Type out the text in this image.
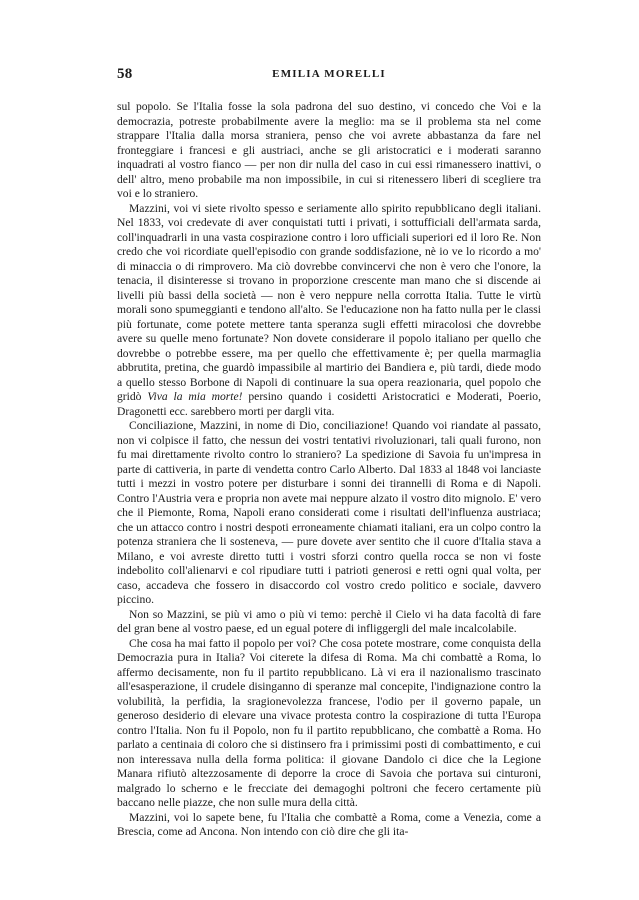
58	EMILIA MORELLI

sul popolo. Se l'Italia fosse la sola padrona del suo destino, vi concedo che Voi e la democrazia, potreste probabilmente avere la meglio: ma se il problema sta nel come strappare l'Italia dalla morsa straniera, penso che voi avrete abbastanza da fare nel fronteggiare i francesi e gli austriaci, anche se gli aristocratici e i moderati saranno inquadrati al vostro fianco — per non dir nulla del caso in cui essi rimanessero inattivi, o dell' altro, meno probabile ma non impossibile, in cui si ritenessero liberi di scegliere tra voi e lo straniero.

Mazzini, voi vi siete rivolto spesso e seriamente allo spirito repubblicano degli italiani. Nel 1833, voi credevate di aver conquistati tutti i privati, i sottufficiali dell'armata sarda, coll'inquadrarli in una vasta cospirazione contro i loro ufficiali superiori ed il loro Re. Non credo che voi ricordiate quell'episodio con grande soddisfazione, nè io ve lo ricordo a mo' di minaccia o di rimprovero. Ma ciò dovrebbe convincervi che non è vero che l'onore, la tenacia, il disinteresse si trovano in proporzione crescente man mano che si discende ai livelli più bassi della società — non è vero neppure nella corrotta Italia. Tutte le virtù morali sono spumeggianti e tendono all'alto. Se l'educazione non ha fatto nulla per le classi più fortunate, come potete mettere tanta speranza sugli effetti miracolosi che dovrebbe avere su quelle meno fortunate? Non dovete considerare il popolo italiano per quello che dovrebbe o potrebbe essere, ma per quello che effettivamente è; per quella marmaglia abbrutita, pretina, che guardò impassibile al martirio dei Bandiera e, più tardi, diede modo a quello stesso Borbone di Napoli di continuare la sua opera reazionaria, quel popolo che gridò Viva la mia morte! persino quando i cosidetti Aristocratici e Moderati, Poerio, Dragonetti ecc. sarebbero morti per dargli vita.

Conciliazione, Mazzini, in nome di Dio, conciliazione! Quando voi riandate al passato, non vi colpisce il fatto, che nessun dei vostri tentativi rivoluzionari, tali quali furono, non fu mai direttamente rivolto contro lo straniero? La spedizione di Savoia fu un'impresa in parte di cattiveria, in parte di vendetta contro Carlo Alberto. Dal 1833 al 1848 voi lanciaste tutti i mezzi in vostro potere per disturbare i sonni dei tirannelli di Roma e di Napoli. Contro l'Austria vera e propria non avete mai neppure alzato il vostro dito mignolo. E' vero che il Piemonte, Roma, Napoli erano considerati come i risultati dell'influenza austriaca; che un attacco contro i nostri despoti erroneamente chiamati italiani, era un colpo contro la potenza straniera che li sosteneva, — pure dovete aver sentito che il cuore d'Italia stava a Milano, e voi avreste diretto tutti i vostri sforzi contro quella rocca se non vi foste indebolito coll'alienarvi e col ripudiare tutti i patrioti generosi e retti ogni qual volta, per caso, accadeva che fossero in disaccordo col vostro credo politico e sociale, davvero piccino.

Non so Mazzini, se più vi amo o più vi temo: perchè il Cielo vi ha data facoltà di fare del gran bene al vostro paese, ed un egual potere di infliggergli del male incalcolabile.

Che cosa ha mai fatto il popolo per voi? Che cosa potete mostrare, come conquista della Democrazia pura in Italia? Voi citerete la difesa di Roma. Ma chi combattè a Roma, lo affermo decisamente, non fu il partito repubblicano. Là vi era il nazionalismo trascinato all'esasperazione, il crudele disinganno di speranze mal concepite, l'indignazione contro la volubilità, la perfidia, la sragionevolezza francese, l'odio per il governo papale, un generoso desiderio di elevare una vivace protesta contro la cospirazione di tutta l'Europa contro l'Italia. Non fu il Popolo, non fu il partito repubblicano, che combattè a Roma. Ho parlato a centinaia di coloro che si distinsero fra i primissimi posti di combattimento, e cui non interessava nulla della forma politica: il giovane Dandolo ci dice che la Legione Manara rifiutò altezzosamente di deporre la croce di Savoia che portava sui cinturoni, malgrado lo scherno e le frecciate dei demagoghi poltroni che fecero certamente più baccano nelle piazze, che non sulle mura della città.

Mazzini, voi lo sapete bene, fu l'Italia che combattè a Roma, come a Venezia, come a Brescia, come ad Ancona. Non intendo con ciò dire che gli ita-
